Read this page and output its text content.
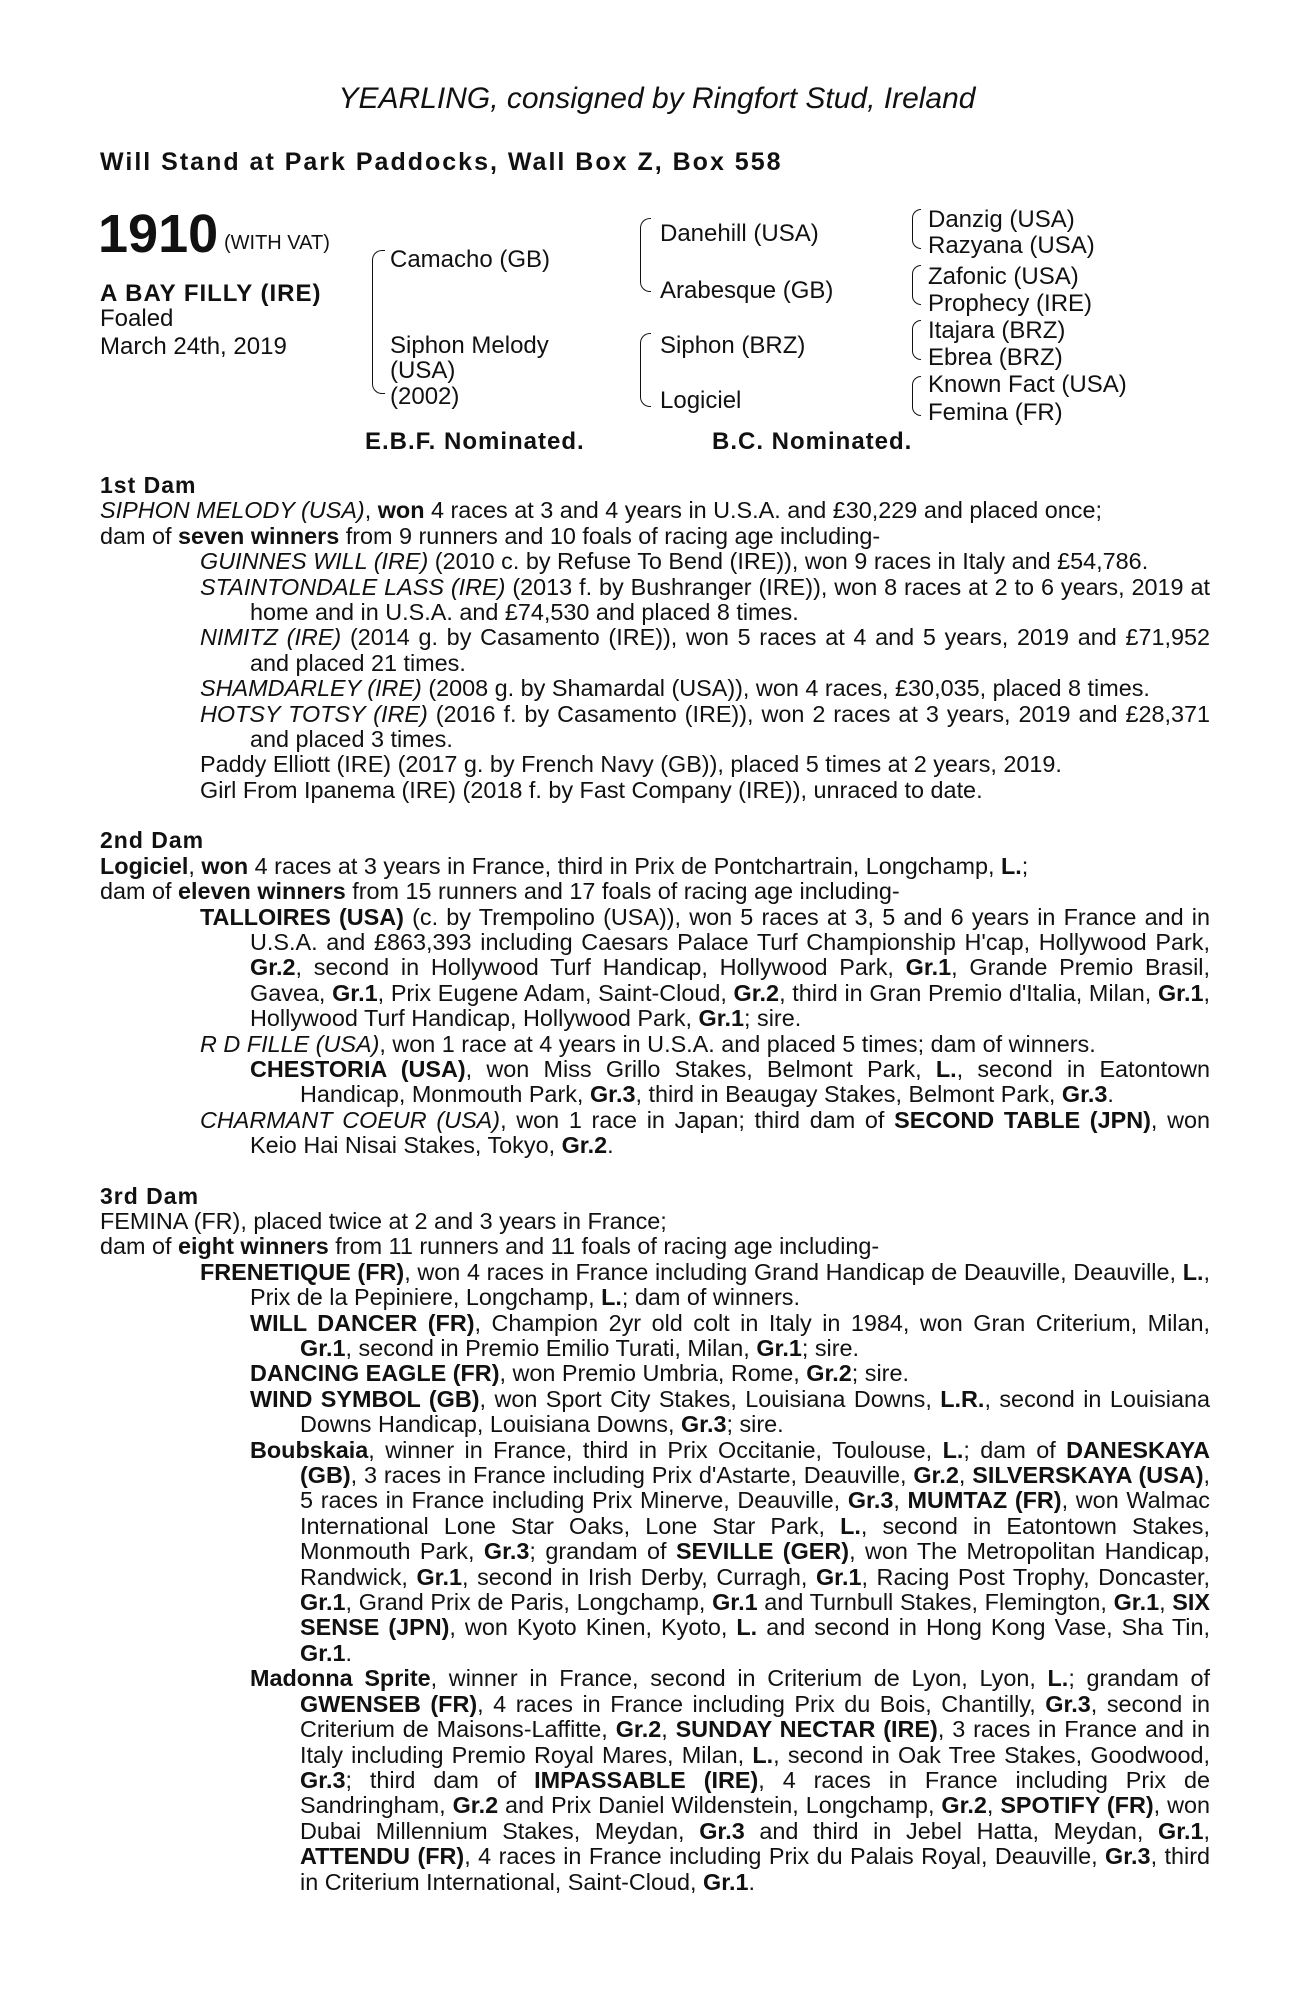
YEARLING, consigned by Ringfort Stud, Ireland
Will Stand at Park Paddocks, Wall Box Z, Box 558
1910 (WITH VAT)
A BAY FILLY (IRE)
Foaled
March 24th, 2019
Camacho (GB)
Siphon Melody
(USA)
(2002)
Danehill (USA)
Arabesque (GB)
Siphon (BRZ)
Logiciel
Danzig (USA)
Razyana (USA)
Zafonic (USA)
Prophecy (IRE)
Itajara (BRZ)
Ebrea (BRZ)
Known Fact (USA)
Femina (FR)
E.B.F. Nominated.	B.C. Nominated.
1st Dam

SIPHON MELODY (USA), won 4 races at 3 and 4 years in U.S.A. and £30,229 and placed once;

dam of seven winners from 9 runners and 10 foals of racing age including-

GUINNES WILL (IRE) (2010 c. by Refuse To Bend (IRE)), won 9 races in Italy and £54,786.

STAINTONDALE LASS (IRE) (2013 f. by Bushranger (IRE)), won 8 races at 2 to 6 years, 2019 at home and in U.S.A. and £74,530 and placed 8 times.

NIMITZ (IRE) (2014 g. by Casamento (IRE)), won 5 races at 4 and 5 years, 2019 and £71,952 and placed 21 times.

SHAMDARLEY (IRE) (2008 g. by Shamardal (USA)), won 4 races, £30,035, placed 8 times.

HOTSY TOTSY (IRE) (2016 f. by Casamento (IRE)), won 2 races at 3 years, 2019 and £28,371 and placed 3 times.

Paddy Elliott (IRE) (2017 g. by French Navy (GB)), placed 5 times at 2 years, 2019.

Girl From Ipanema (IRE) (2018 f. by Fast Company (IRE)), unraced to date.

2nd Dam

Logiciel, won 4 races at 3 years in France, third in Prix de Pontchartrain, Longchamp, L.;

dam of eleven winners from 15 runners and 17 foals of racing age including-

TALLOIRES (USA) (c. by Trempolino (USA)), won 5 races at 3, 5 and 6 years in France and in U.S.A. and £863,393 including Caesars Palace Turf Championship H'cap, Hollywood Park, Gr.2, second in Hollywood Turf Handicap, Hollywood Park, Gr.1, Grande Premio Brasil, Gavea, Gr.1, Prix Eugene Adam, Saint-Cloud, Gr.2, third in Gran Premio d'Italia, Milan, Gr.1, Hollywood Turf Handicap, Hollywood Park, Gr.1; sire.

R D FILLE (USA), won 1 race at 4 years in U.S.A. and placed 5 times; dam of winners.

CHESTORIA (USA), won Miss Grillo Stakes, Belmont Park, L., second in Eatontown Handicap, Monmouth Park, Gr.3, third in Beaugay Stakes, Belmont Park, Gr.3.

CHARMANT COEUR (USA), won 1 race in Japan; third dam of SECOND TABLE (JPN), won Keio Hai Nisai Stakes, Tokyo, Gr.2.

3rd Dam

FEMINA (FR), placed twice at 2 and 3 years in France;

dam of eight winners from 11 runners and 11 foals of racing age including-

FRENETIQUE (FR), won 4 races in France including Grand Handicap de Deauville, Deauville, L., Prix de la Pepiniere, Longchamp, L.; dam of winners.

WILL DANCER (FR), Champion 2yr old colt in Italy in 1984, won Gran Criterium, Milan, Gr.1, second in Premio Emilio Turati, Milan, Gr.1; sire.

DANCING EAGLE (FR), won Premio Umbria, Rome, Gr.2; sire.

WIND SYMBOL (GB), won Sport City Stakes, Louisiana Downs, L.R., second in Louisiana Downs Handicap, Louisiana Downs, Gr.3; sire.

Boubskaia, winner in France, third in Prix Occitanie, Toulouse, L.; dam of DANESKAYA (GB), 3 races in France including Prix d'Astarte, Deauville, Gr.2, SILVERSKAYA (USA), 5 races in France including Prix Minerve, Deauville, Gr.3, MUMTAZ (FR), won Walmac International Lone Star Oaks, Lone Star Park, L., second in Eatontown Stakes, Monmouth Park, Gr.3; grandam of SEVILLE (GER), won The Metropolitan Handicap, Randwick, Gr.1, second in Irish Derby, Curragh, Gr.1, Racing Post Trophy, Doncaster, Gr.1, Grand Prix de Paris, Longchamp, Gr.1 and Turnbull Stakes, Flemington, Gr.1, SIX SENSE (JPN), won Kyoto Kinen, Kyoto, L. and second in Hong Kong Vase, Sha Tin, Gr.1.

Madonna Sprite, winner in France, second in Criterium de Lyon, Lyon, L.; grandam of GWENSEB (FR), 4 races in France including Prix du Bois, Chantilly, Gr.3, second in Criterium de Maisons-Laffitte, Gr.2, SUNDAY NECTAR (IRE), 3 races in France and in Italy including Premio Royal Mares, Milan, L., second in Oak Tree Stakes, Goodwood, Gr.3; third dam of IMPASSABLE (IRE), 4 races in France including Prix de Sandringham, Gr.2 and Prix Daniel Wildenstein, Longchamp, Gr.2, SPOTIFY (FR), won Dubai Millennium Stakes, Meydan, Gr.3 and third in Jebel Hatta, Meydan, Gr.1, ATTENDU (FR), 4 races in France including Prix du Palais Royal, Deauville, Gr.3, third in Criterium International, Saint-Cloud, Gr.1.
